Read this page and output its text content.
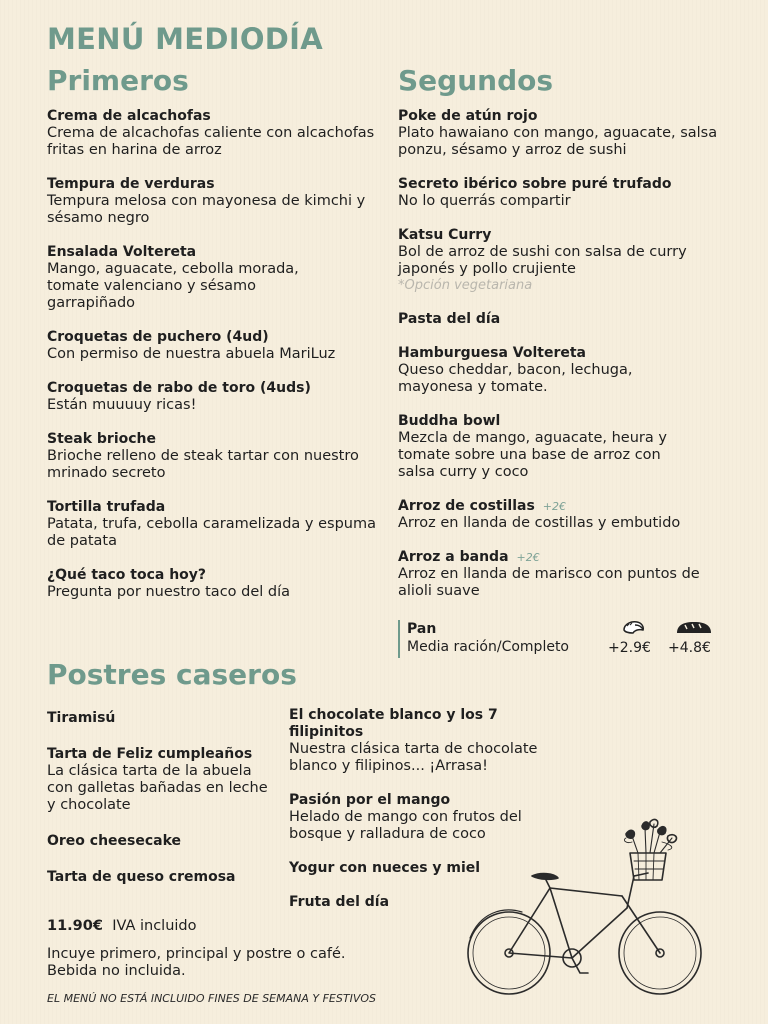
MENÚ MEDIODÍA
Primeros
Crema de alcachofas
Crema de alcachofas caliente con alcachofas fritas en harina de arroz
Tempura de verduras
Tempura melosa con mayonesa de kimchi y sésamo negro
Ensalada Voltereta
Mango, aguacate, cebolla morada, tomate valenciano y sésamo garrapiñado
Croquetas de puchero (4ud)
Con permiso de nuestra abuela MariLuz
Croquetas de rabo de toro (4uds)
Están muuuuy ricas!
Steak brioche
Brioche relleno de steak tartar con nuestro mrinado secreto
Tortilla trufada
Patata, trufa, cebolla caramelizada y espuma de patata
¿Qué taco toca hoy?
Pregunta por nuestro taco del día
Segundos
Poke de atún rojo
Plato hawaiano con mango, aguacate, salsa ponzu, sésamo y arroz de sushi
Secreto ibérico sobre puré trufado
No lo querrás compartir
Katsu Curry
Bol de arroz de sushi con salsa de curry japonés y pollo crujiente
*Opción vegetariana
Pasta del día
Hamburguesa Voltereta
Queso cheddar, bacon, lechuga, mayonesa y tomate.
Buddha bowl
Mezcla de mango, aguacate, heura y tomate sobre una base de arroz con salsa curry y coco
Arroz de costillas +2€
Arroz en llanda de costillas y embutido
Arroz a banda +2€
Arroz en llanda de marisco con puntos de alioli suave
Pan
Media ración/Completo	+2.9€ +4.8€
Postres caseros
Tiramisú
Tarta de Feliz cumpleaños
La clásica tarta de la abuela con galletas bañadas en leche y chocolate
Oreo cheesecake
Tarta de queso cremosa
El chocolate blanco y los 7 filipinitos
Nuestra clásica tarta de chocolate blanco y filipinos... ¡Arrasa!
Pasión por el mango
Helado de mango con frutos del bosque y ralladura de coco
Yogur con nueces y miel
Fruta del día
11.90€ IVA incluido
Incuye primero, principal y postre o café.
Bebida no incluida.
EL MENÚ NO ESTÁ INCLUIDO FINES DE SEMANA Y FESTIVOS
